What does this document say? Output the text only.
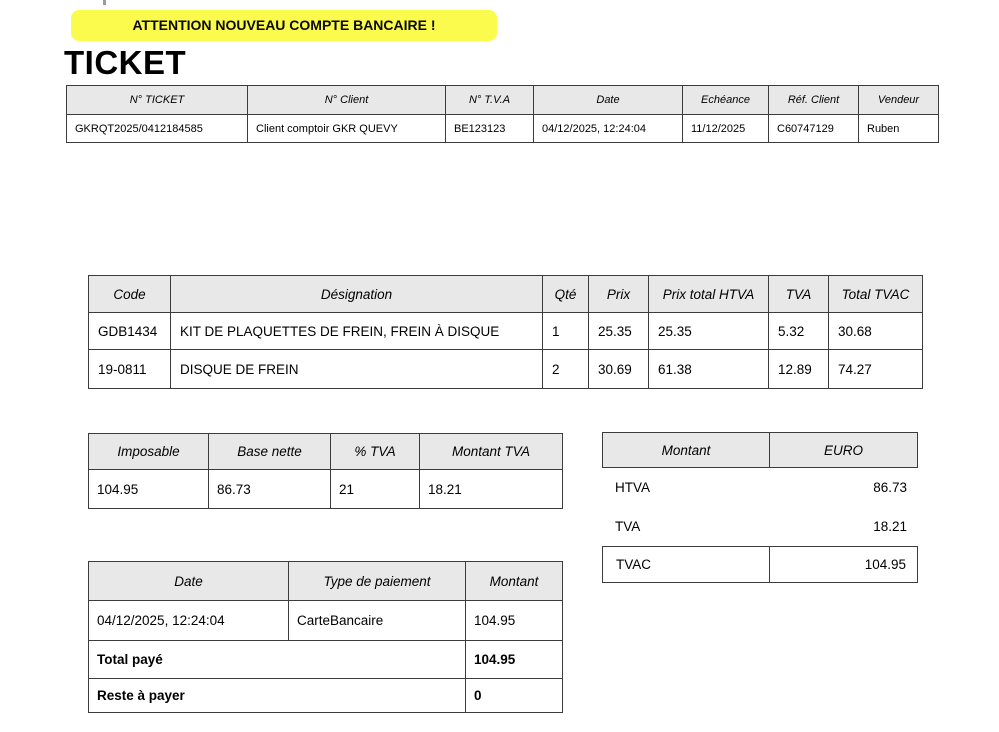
ATTENTION NOUVEAU COMPTE BANCAIRE !
TICKET
N° TICKET	N° Client	N° T.V.A	Date	Echéance	Réf. Client	Vendeur
GKRQT2025/0412184585	Client comptoir GKR QUEVY	BE123123	04/12/2025, 12:24:04	11/12/2025	C60747129	Ruben
Code	Désignation	Qté	Prix	Prix total HTVA	TVA	Total TVAC
GDB1434	KIT DE PLAQUETTES DE FREIN, FREIN À DISQUE	1	25.35	25.35	5.32	30.68
19-0811	DISQUE DE FREIN	2	30.69	61.38	12.89	74.27
Imposable	Base nette	% TVA	Montant TVA
104.95	86.73	21	18.21
Montant	EURO
HTVA	86.73
TVA	18.21
TVAC	104.95
Date	Type de paiement	Montant
04/12/2025, 12:24:04	CarteBancaire	104.95
Total payé		104.95
Reste à payer		0
